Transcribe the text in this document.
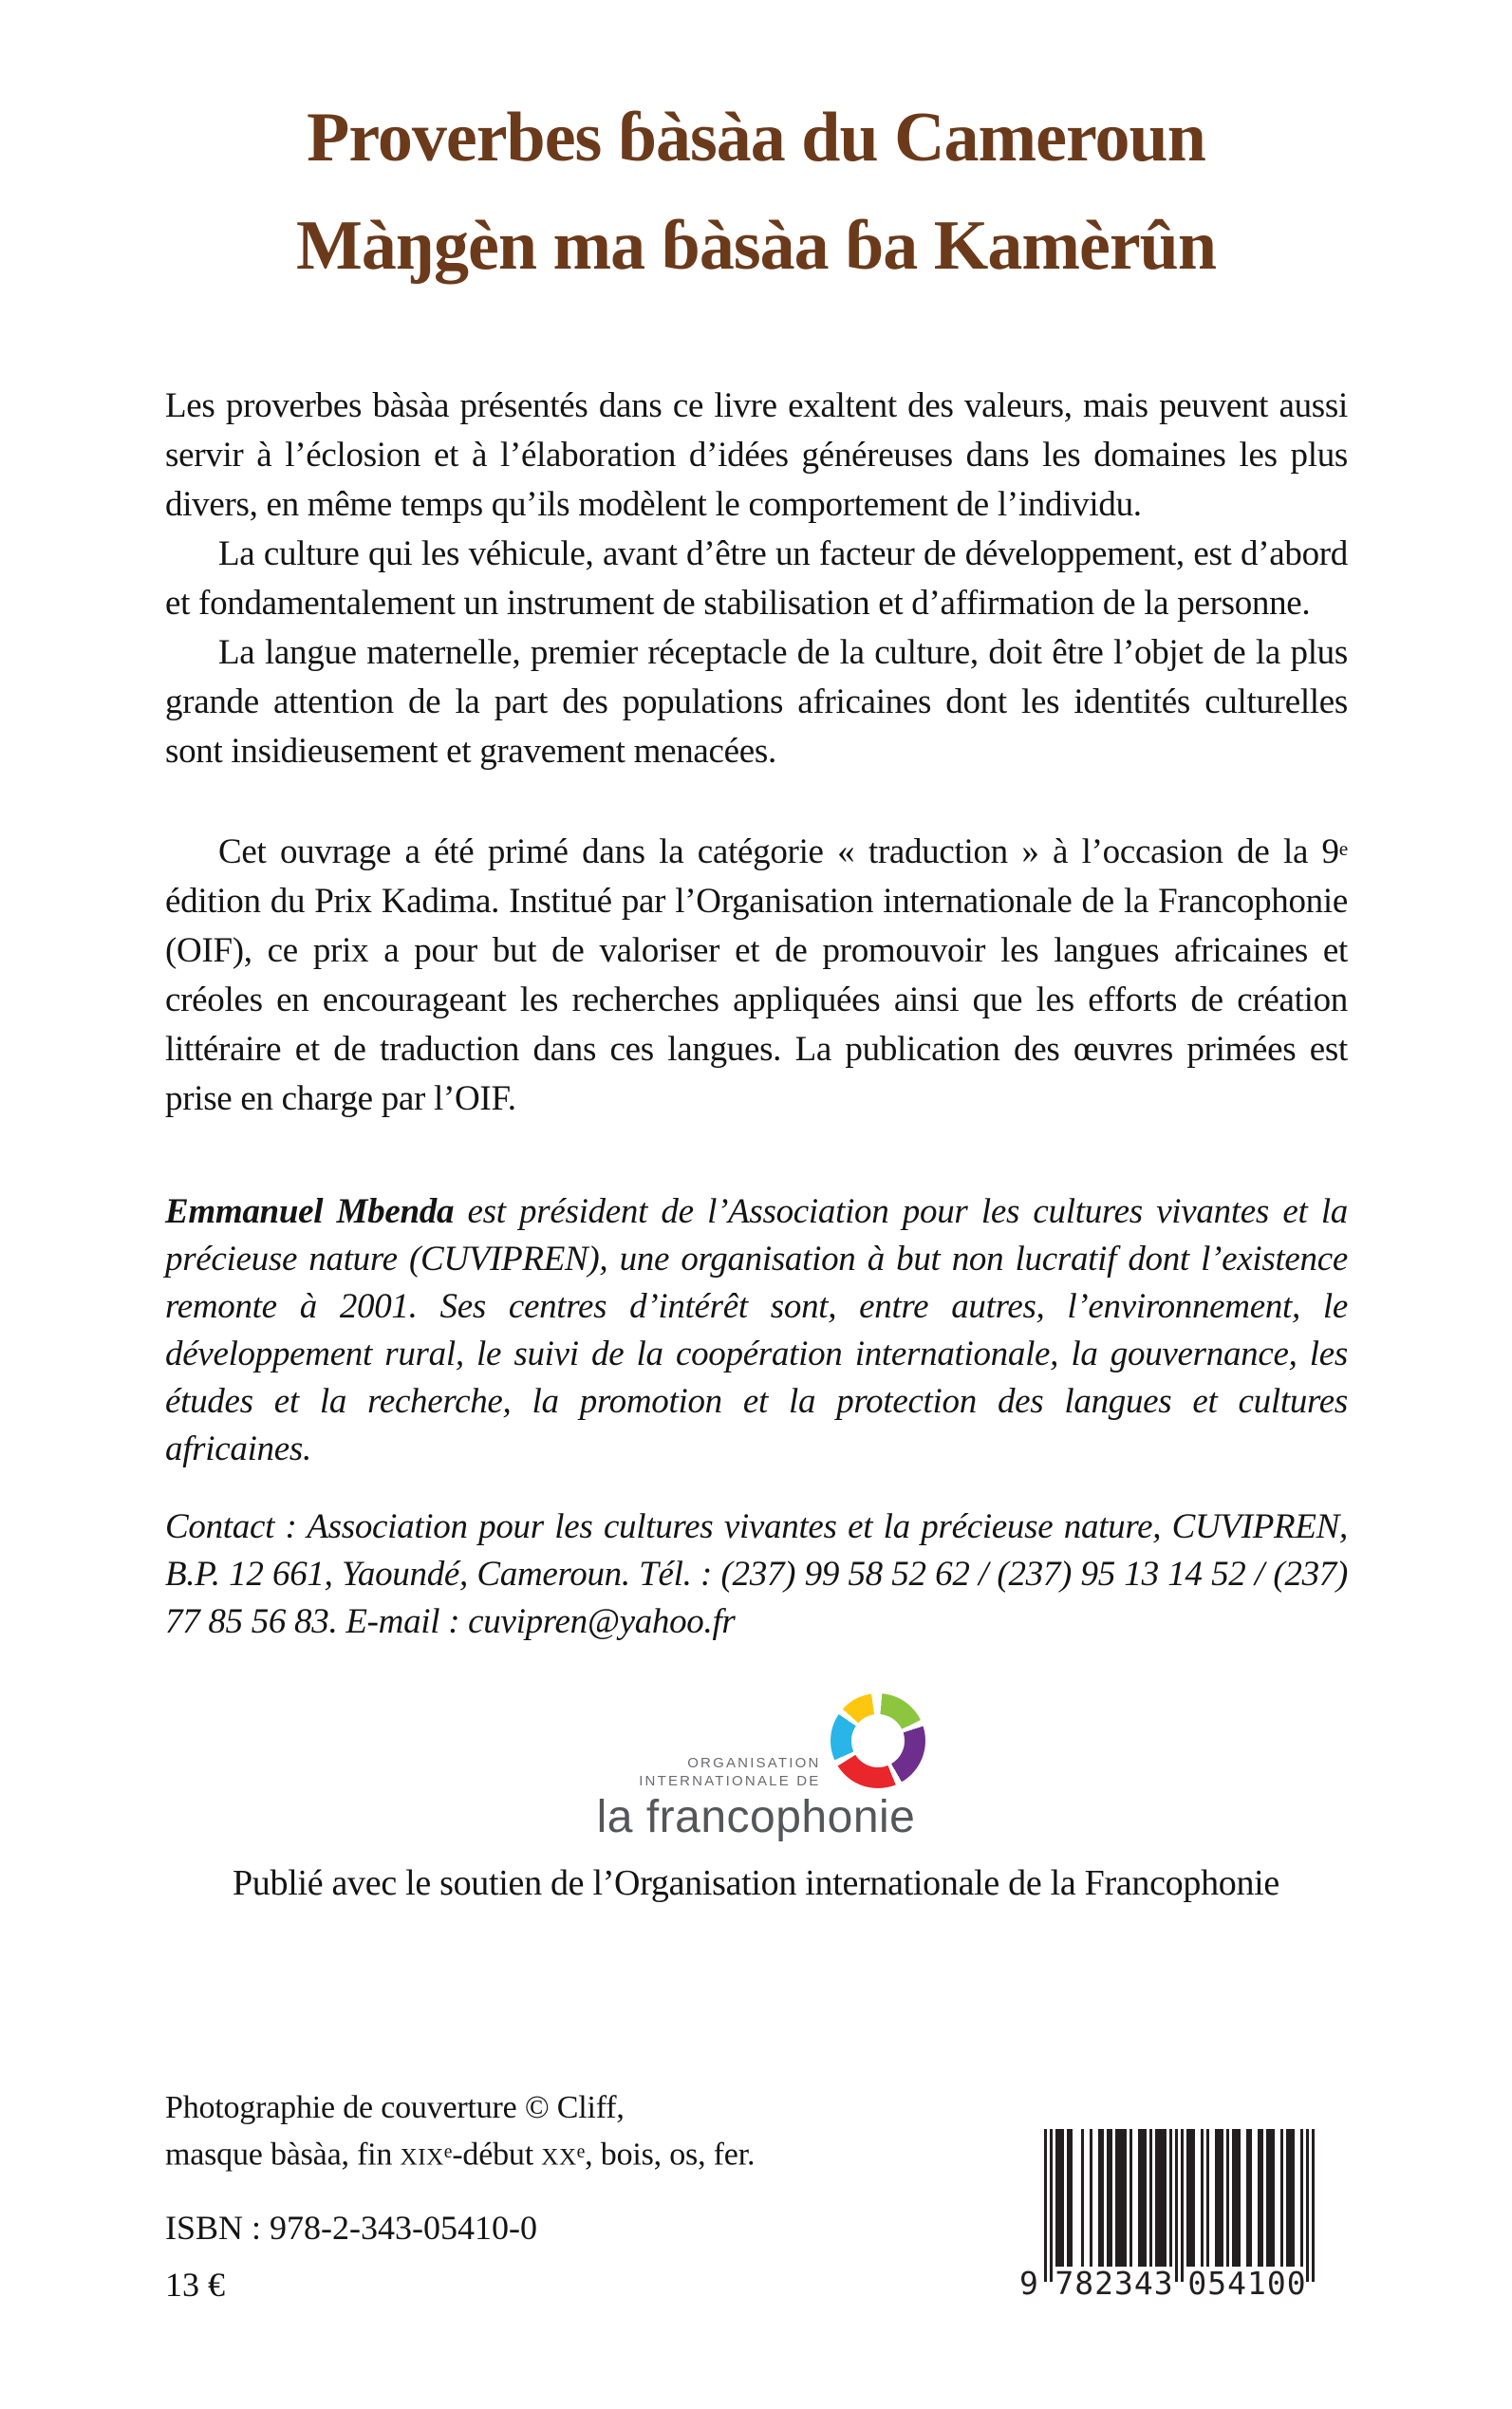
Proverbes ɓàsàa du Cameroun
Màŋgèn ma ɓàsàa ɓa Kamèrûn

Les proverbes bàsàa présentés dans ce livre exaltent des valeurs, mais peuvent aussi servir à l’éclosion et à l’élaboration d’idées généreuses dans les domaines les plus divers, en même temps qu’ils modèlent le comportement de l’individu.

La culture qui les véhicule, avant d’être un facteur de développement, est d’abord et fondamentalement un instrument de stabilisation et d’affirmation de la personne.

La langue maternelle, premier réceptacle de la culture, doit être l’objet de la plus grande attention de la part des populations africaines dont les identités culturelles sont insidieusement et gravement menacées.

Cet ouvrage a été primé dans la catégorie « traduction » à l’occasion de la 9e édition du Prix Kadima. Institué par l’Organisation internationale de la Francophonie (OIF), ce prix a pour but de valoriser et de promouvoir les langues africaines et créoles en encourageant les recherches appliquées ainsi que les efforts de création littéraire et de traduction dans ces langues. La publication des œuvres primées est prise en charge par l’OIF.

Emmanuel Mbenda est président de l’Association pour les cultures vivantes et la précieuse nature (CUVIPREN), une organisation à but non lucratif dont l’existence remonte à 2001. Ses centres d’intérêt sont, entre autres, l’environnement, le développement rural, le suivi de la coopération internationale, la gouvernance, les études et la recherche, la promotion et la protection des langues et cultures africaines.

Contact : Association pour les cultures vivantes et la précieuse nature, CUVIPREN, B.P. 12 661, Yaoundé, Cameroun. Tél. : (237) 99 58 52 62 / (237) 95 13 14 52 / (237) 77 85 56 83. E-mail : cuvipren@yahoo.fr

ORGANISATION
INTERNATIONALE DE
la francophonie
Publié avec le soutien de l’Organisation internationale de la Francophonie

Photographie de couverture © Cliff,

masque bàsàa, fin XIXe-début XXe, bois, os, fer.

ISBN : 978-2-343-05410-0
13 €	9 782343 054100
